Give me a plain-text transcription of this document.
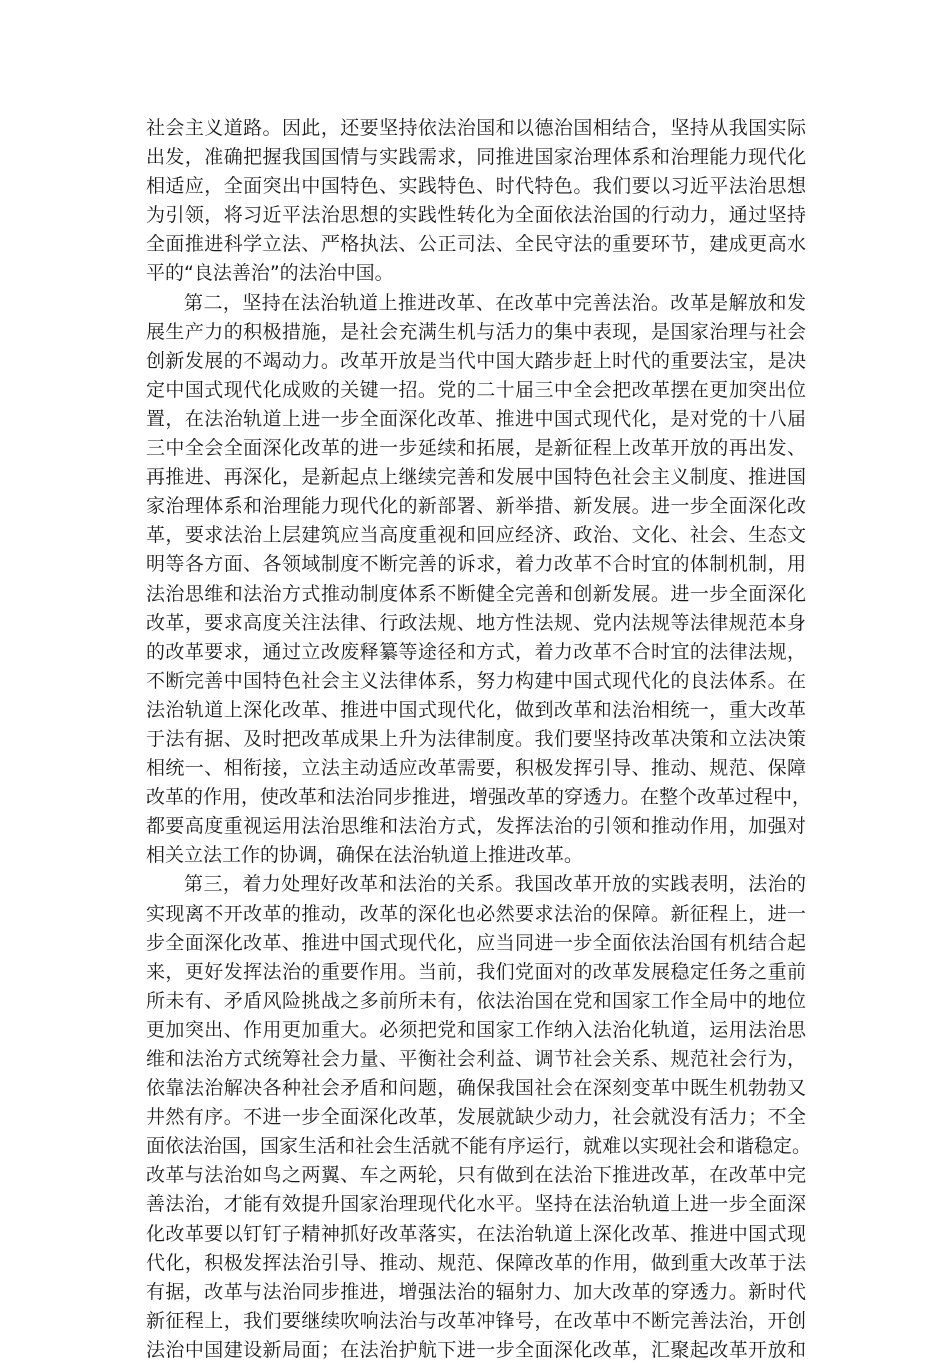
社会主义道路。因此，还要坚持依法治国和以德治国相结合，坚持从我国实际
出发，准确把握我国国情与实践需求，同推进国家治理体系和治理能力现代化
相适应，全面突出中国特色、实践特色、时代特色。我们要以习近平法治思想
为引领，将习近平法治思想的实践性转化为全面依法治国的行动力，通过坚持
全面推进科学立法、严格执法、公正司法、全民守法的重要环节，建成更高水
平的“良法善治”的法治中国。
第二，坚持在法治轨道上推进改革、在改革中完善法治。改革是解放和发
展生产力的积极措施，是社会充满生机与活力的集中表现，是国家治理与社会
创新发展的不竭动力。改革开放是当代中国大踏步赶上时代的重要法宝，是决
定中国式现代化成败的关键一招。党的二十届三中全会把改革摆在更加突出位
置，在法治轨道上进一步全面深化改革、推进中国式现代化，是对党的十八届
三中全会全面深化改革的进一步延续和拓展，是新征程上改革开放的再出发、
再推进、再深化，是新起点上继续完善和发展中国特色社会主义制度、推进国
家治理体系和治理能力现代化的新部署、新举措、新发展。进一步全面深化改
革，要求法治上层建筑应当高度重视和回应经济、政治、文化、社会、生态文
明等各方面、各领域制度不断完善的诉求，着力改革不合时宜的体制机制，用
法治思维和法治方式推动制度体系不断健全完善和创新发展。进一步全面深化
改革，要求高度关注法律、行政法规、地方性法规、党内法规等法律规范本身
的改革要求，通过立改废释纂等途径和方式，着力改革不合时宜的法律法规，
不断完善中国特色社会主义法律体系，努力构建中国式现代化的良法体系。在
法治轨道上深化改革、推进中国式现代化，做到改革和法治相统一，重大改革
于法有据、及时把改革成果上升为法律制度。我们要坚持改革决策和立法决策
相统一、相衔接，立法主动适应改革需要，积极发挥引导、推动、规范、保障
改革的作用，使改革和法治同步推进，增强改革的穿透力。在整个改革过程中，
都要高度重视运用法治思维和法治方式，发挥法治的引领和推动作用，加强对
相关立法工作的协调，确保在法治轨道上推进改革。
第三，着力处理好改革和法治的关系。我国改革开放的实践表明，法治的
实现离不开改革的推动，改革的深化也必然要求法治的保障。新征程上，进一
步全面深化改革、推进中国式现代化，应当同进一步全面依法治国有机结合起
来，更好发挥法治的重要作用。当前，我们党面对的改革发展稳定任务之重前
所未有、矛盾风险挑战之多前所未有，依法治国在党和国家工作全局中的地位
更加突出、作用更加重大。必须把党和国家工作纳入法治化轨道，运用法治思
维和法治方式统筹社会力量、平衡社会利益、调节社会关系、规范社会行为，
依靠法治解决各种社会矛盾和问题，确保我国社会在深刻变革中既生机勃勃又
井然有序。不进一步全面深化改革，发展就缺少动力，社会就没有活力；不全
面依法治国，国家生活和社会生活就不能有序运行，就难以实现社会和谐稳定。
改革与法治如鸟之两翼、车之两轮，只有做到在法治下推进改革，在改革中完
善法治，才能有效提升国家治理现代化水平。坚持在法治轨道上进一步全面深
化改革要以钉钉子精神抓好改革落实，在法治轨道上深化改革、推进中国式现
代化，积极发挥法治引导、推动、规范、保障改革的作用，做到重大改革于法
有据，改革与法治同步推进，增强法治的辐射力、加大改革的穿透力。新时代
新征程上，我们要继续吹响法治与改革冲锋号，在改革中不断完善法治，开创
法治中国建设新局面；在法治护航下进一步全面深化改革，汇聚起改革开放和
